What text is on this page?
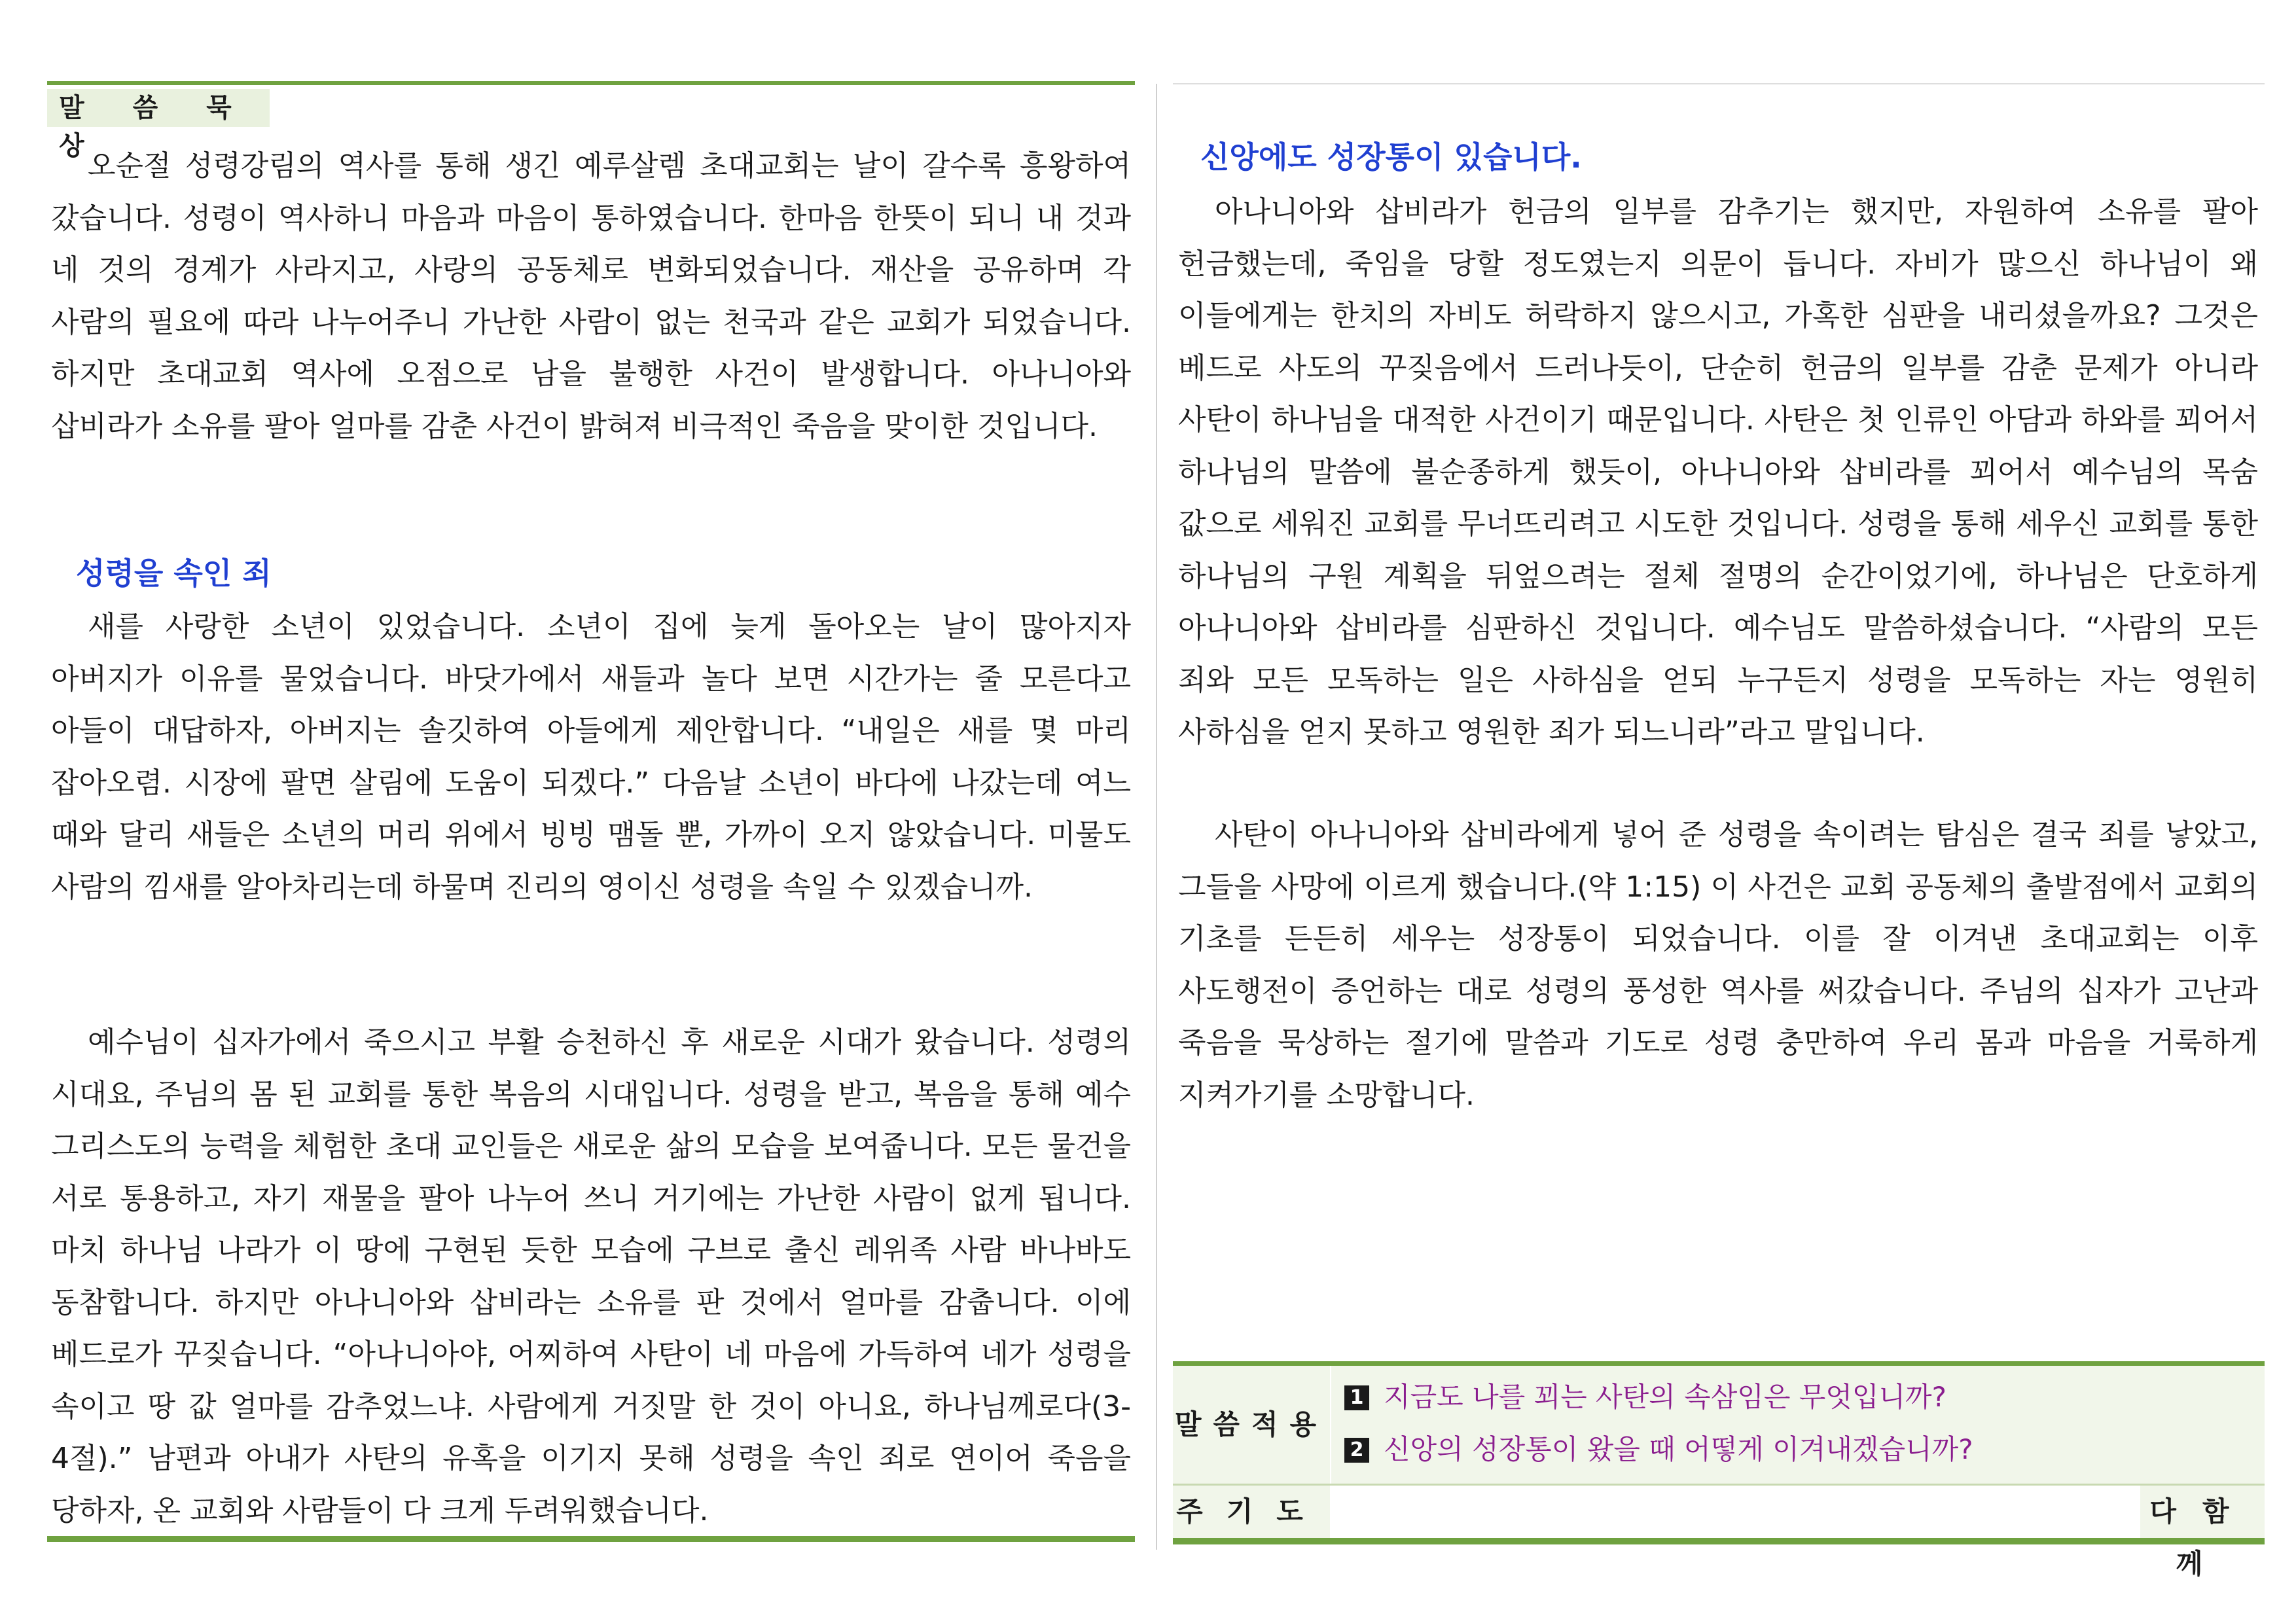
말 씀 묵 상

오순절 성령강림의 역사를 통해 생긴 예루살렘 초대교회는 날이 갈수록 흥왕하여 갔습니다. 성령이 역사하니 마음과 마음이 통하였습니다. 한마음 한뜻이 되니 내 것과 네 것의 경계가 사라지고, 사랑의 공동체로 변화되었습니다. 재산을 공유하며 각 사람의 필요에 따라 나누어주니 가난한 사람이 없는 천국과 같은 교회가 되었습니다. 하지만 초대교회 역사에 오점으로 남을 불행한 사건이 발생합니다. 아나니아와 삽비라가 소유를 팔아 얼마를 감춘 사건이 밝혀져 비극적인 죽음을 맞이한 것입니다.

성령을 속인 죄

새를 사랑한 소년이 있었습니다. 소년이 집에 늦게 돌아오는 날이 많아지자 아버지가 이유를 물었습니다. 바닷가에서 새들과 놀다 보면 시간가는 줄 모른다고 아들이 대답하자, 아버지는 솔깃하여 아들에게 제안합니다. “내일은 새를 몇 마리 잡아오렴. 시장에 팔면 살림에 도움이 되겠다.” 다음날 소년이 바다에 나갔는데 여느 때와 달리 새들은 소년의 머리 위에서 빙빙 맴돌 뿐, 가까이 오지 않았습니다. 미물도 사람의 낌새를 알아차리는데 하물며 진리의 영이신 성령을 속일 수 있겠습니까.

예수님이 십자가에서 죽으시고 부활 승천하신 후 새로운 시대가 왔습니다. 성령의 시대요, 주님의 몸 된 교회를 통한 복음의 시대입니다. 성령을 받고, 복음을 통해 예수 그리스도의 능력을 체험한 초대 교인들은 새로운 삶의 모습을 보여줍니다. 모든 물건을 서로 통용하고, 자기 재물을 팔아 나누어 쓰니 거기에는 가난한 사람이 없게 됩니다. 마치 하나님 나라가 이 땅에 구현된 듯한 모습에 구브로 출신 레위족 사람 바나바도 동참합니다. 하지만 아나니아와 삽비라는 소유를 판 것에서 얼마를 감춥니다. 이에 베드로가 꾸짖습니다. “아나니아야, 어찌하여 사탄이 네 마음에 가득하여 네가 성령을 속이고 땅 값 얼마를 감추었느냐. 사람에게 거짓말 한 것이 아니요, 하나님께로다(3-4절).” 남편과 아내가 사탄의 유혹을 이기지 못해 성령을 속인 죄로 연이어 죽음을 당하자, 온 교회와 사람들이 다 크게 두려워했습니다.

신앙에도 성장통이 있습니다.

아나니아와 삽비라가 헌금의 일부를 감추기는 했지만, 자원하여 소유를 팔아 헌금했는데, 죽임을 당할 정도였는지 의문이 듭니다. 자비가 많으신 하나님이 왜 이들에게는 한치의 자비도 허락하지 않으시고, 가혹한 심판을 내리셨을까요? 그것은 베드로 사도의 꾸짖음에서 드러나듯이, 단순히 헌금의 일부를 감춘 문제가 아니라 사탄이 하나님을 대적한 사건이기 때문입니다. 사탄은 첫 인류인 아담과 하와를 꾀어서 하나님의 말씀에 불순종하게 했듯이, 아나니아와 삽비라를 꾀어서 예수님의 목숨 값으로 세워진 교회를 무너뜨리려고 시도한 것입니다. 성령을 통해 세우신 교회를 통한 하나님의 구원 계획을 뒤엎으려는 절체 절명의 순간이었기에, 하나님은 단호하게 아나니아와 삽비라를 심판하신 것입니다. 예수님도 말씀하셨습니다. “사람의 모든 죄와 모든 모독하는 일은 사하심을 얻되 누구든지 성령을 모독하는 자는 영원히 사하심을 얻지 못하고 영원한 죄가 되느니라”라고 말입니다.

사탄이 아나니아와 삽비라에게 넣어 준 성령을 속이려는 탐심은 결국 죄를 낳았고, 그들을 사망에 이르게 했습니다.(약 1:15) 이 사건은 교회 공동체의 출발점에서 교회의 기초를 든든히 세우는 성장통이 되었습니다. 이를 잘 이겨낸 초대교회는 이후 사도행전이 증언하는 대로 성령의 풍성한 역사를 써갔습니다. 주님의 십자가 고난과 죽음을 묵상하는 절기에 말씀과 기도로 성령 충만하여 우리 몸과 마음을 거룩하게 지켜가기를 소망합니다.

말씀적용
1 지금도 나를 꾀는 사탄의 속삼임은 무엇입니까?
2 신앙의 성장통이 왔을 때 어떻게 이겨내겠습니까?
주기도	다함께
